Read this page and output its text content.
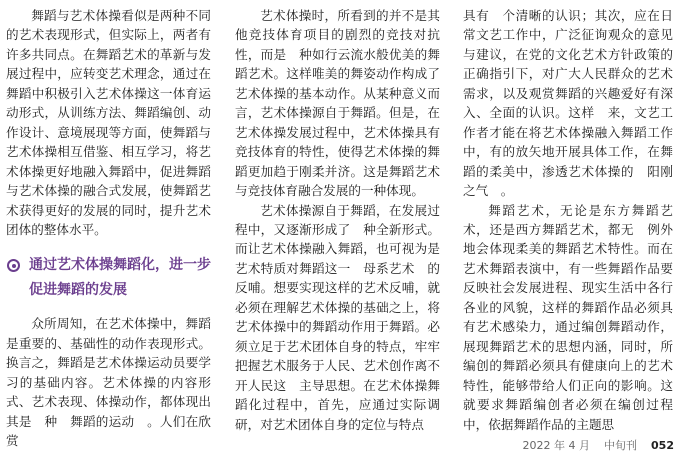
舞蹈与艺术体操看似是两种不同的艺术表现形式，但实际上，两者有许多共同点。在舞蹈艺术的革新与发展过程中，应转变艺术理念，通过在舞蹈中积极引入艺术体操这一体育运动形式，从训练方法、舞蹈编创、动作设计、意境展现等方面，使舞蹈与艺术体操相互借鉴、相互学习，将艺术体操更好地融入舞蹈中，促进舞蹈与艺术体操的融合式发展，使舞蹈艺术获得更好的发展的同时，提升艺术团体的整体水平。

通过艺术体操舞蹈化，进一步促进舞蹈的发展

众所周知，在艺术体操中，舞蹈是重要的、基础性的动作表现形式。换言之，舞蹈是艺术体操运动员要学习的基础内容。艺术体操的内容形式、艺术表现、体操动作，都体现出其是　种　舞蹈的运动　。人们在欣赏

艺术体操时，所看到的并不是其他竞技体育项目的剧烈的竞技对抗性，而是　种如行云流水般优美的舞蹈艺术。这样唯美的舞姿动作构成了艺术体操的基本动作。从某种意义而言，艺术体操源自于舞蹈。但是，在艺术体操发展过程中，艺术体操具有竞技体育的特性，使得艺术体操的舞蹈更加趋于刚柔并济。这是舞蹈艺术与竞技体育融合发展的一种体现。

艺术体操源自于舞蹈，在发展过程中，又逐渐形成了　种全新形式。而让艺术体操融入舞蹈，也可视为是艺术特质对舞蹈这一　母系艺术　的反哺。想要实现这样的艺术反哺，就必须在理解艺术体操的基础之上，将艺术体操中的舞蹈动作用于舞蹈。必须立足于艺术团体自身的特点，牢牢把握艺术服务于人民、艺术创作离不开人民这　主导思想。在艺术体操舞蹈化过程中，首先，应通过实际调研，对艺术团体自身的定位与特点

具有　个清晰的认识；其次，应在日常文艺工作中，广泛征询观众的意见与建议，在党的文化艺术方针政策的正确指引下，对广大人民群众的艺术需求，以及观赏舞蹈的兴趣爱好有深入、全面的认识。这样　来，文艺工作者才能在将艺术体操融入舞蹈工作中，有的放矢地开展具体工作，在舞蹈的柔美中，渗透艺术体操的　阳刚之气　。

舞蹈艺术，无论是东方舞蹈艺术，还是西方舞蹈艺术，都无　例外地会体现柔美的舞蹈艺术特性。而在艺术舞蹈表演中，有一些舞蹈作品要反映社会发展进程、现实生活中各行各业的风貌，这样的舞蹈作品必须具有艺术感染力，通过编创舞蹈动作，展现舞蹈艺术的思想内涵，同时，所编创的舞蹈必须具有健康向上的艺术特性，能够带给人们正向的影响。这就要求舞蹈编创者必须在编创过程中，依据舞蹈作品的主题思

2022 年 4 月 中旬刊 052
